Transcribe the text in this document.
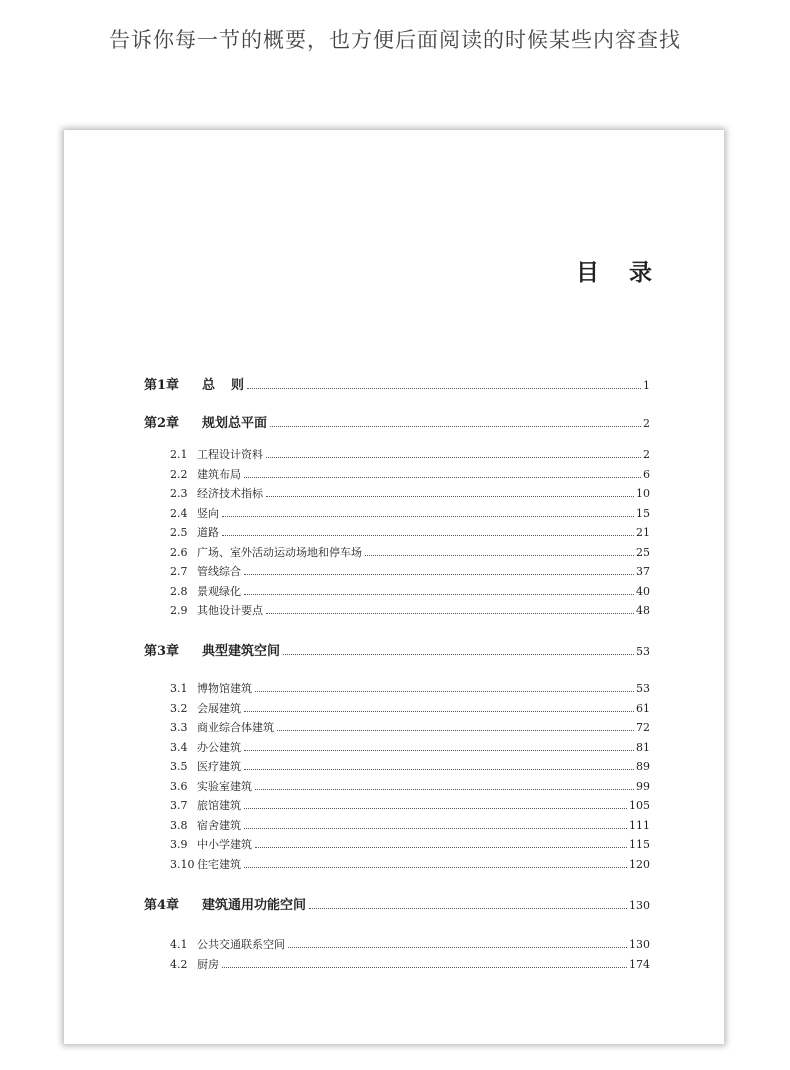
告诉你每一节的概要，也方便后面阅读的时候某些内容查找
目录
第1章	总则	1
第2章	规划总平面	2
2.1 工程设计资料	2
2.2 建筑布局	6
2.3 经济技术指标	10
2.4 竖向	15
2.5 道路	21
2.6 广场、室外活动运动场地和停车场	25
2.7 管线综合	37
2.8 景观绿化	40
2.9 其他设计要点	48
第3章	典型建筑空间	53
3.1 博物馆建筑	53
3.2 会展建筑	61
3.3 商业综合体建筑	72
3.4 办公建筑	81
3.5 医疗建筑	89
3.6 实验室建筑	99
3.7 旅馆建筑	105
3.8 宿舍建筑	111
3.9 中小学建筑	115
3.10 住宅建筑	120
第4章	建筑通用功能空间	130
4.1 公共交通联系空间	130
4.2 厨房	174
